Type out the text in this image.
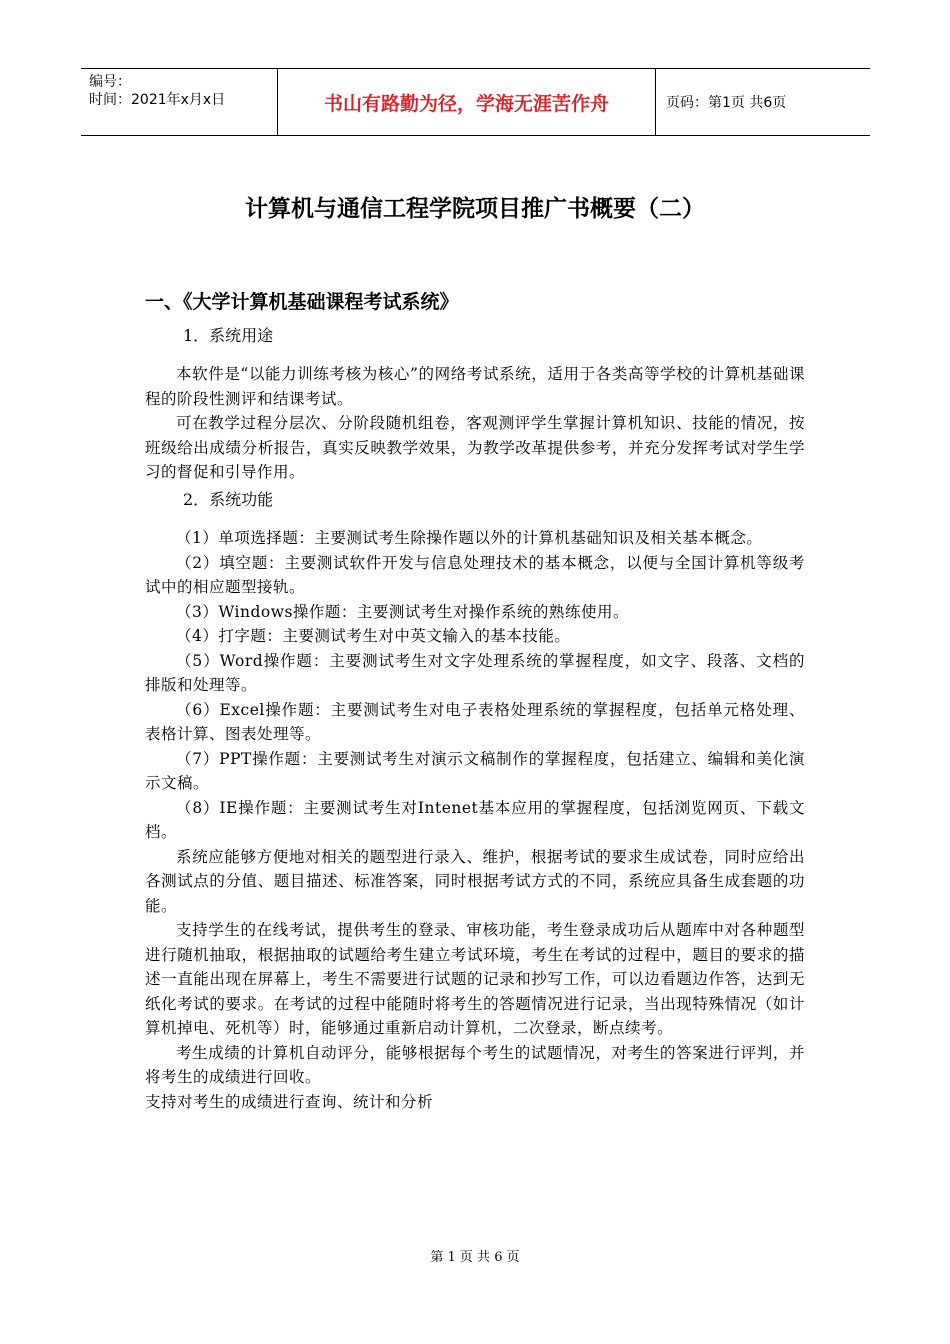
编号：
时间：2021年x月x日	书山有路勤为径，学海无涯苦作舟	页码：第1页 共6页
计算机与通信工程学院项目推广书概要（二）
一、《大学计算机基础课程考试系统》
1．系统用途

本软件是“以能力训练考核为核心”的网络考试系统，适用于各类高等学校的计算机基础课程的阶段性测评和结课考试。

可在教学过程分层次、分阶段随机组卷，客观测评学生掌握计算机知识、技能的情况，按班级给出成绩分析报告，真实反映教学效果，为教学改革提供参考，并充分发挥考试对学生学习的督促和引导作用。

2．系统功能

（1）单项选择题：主要测试考生除操作题以外的计算机基础知识及相关基本概念。

（2）填空题：主要测试软件开发与信息处理技术的基本概念，以便与全国计算机等级考试中的相应题型接轨。

（3）Windows操作题：主要测试考生对操作系统的熟练使用。

（4）打字题：主要测试考生对中英文输入的基本技能。

（5）Word操作题：主要测试考生对文字处理系统的掌握程度，如文字、段落、文档的排版和处理等。

（6）Excel操作题：主要测试考生对电子表格处理系统的掌握程度，包括单元格处理、表格计算、图表处理等。

（7）PPT操作题：主要测试考生对演示文稿制作的掌握程度，包括建立、编辑和美化演示文稿。

（8）IE操作题：主要测试考生对Intenet基本应用的掌握程度，包括浏览网页、下载文档。

系统应能够方便地对相关的题型进行录入、维护，根据考试的要求生成试卷，同时应给出各测试点的分值、题目描述、标准答案，同时根据考试方式的不同，系统应具备生成套题的功能。

支持学生的在线考试，提供考生的登录、审核功能，考生登录成功后从题库中对各种题型进行随机抽取，根据抽取的试题给考生建立考试环境，考生在考试的过程中，题目的要求的描述一直能出现在屏幕上，考生不需要进行试题的记录和抄写工作，可以边看题边作答，达到无纸化考试的要求。在考试的过程中能随时将考生的答题情况进行记录，当出现特殊情况（如计算机掉电、死机等）时，能够通过重新启动计算机，二次登录，断点续考。

考生成绩的计算机自动评分，能够根据每个考生的试题情况，对考生的答案进行评判，并将考生的成绩进行回收。

支持对考生的成绩进行查询、统计和分析

第 1 页 共 6 页
